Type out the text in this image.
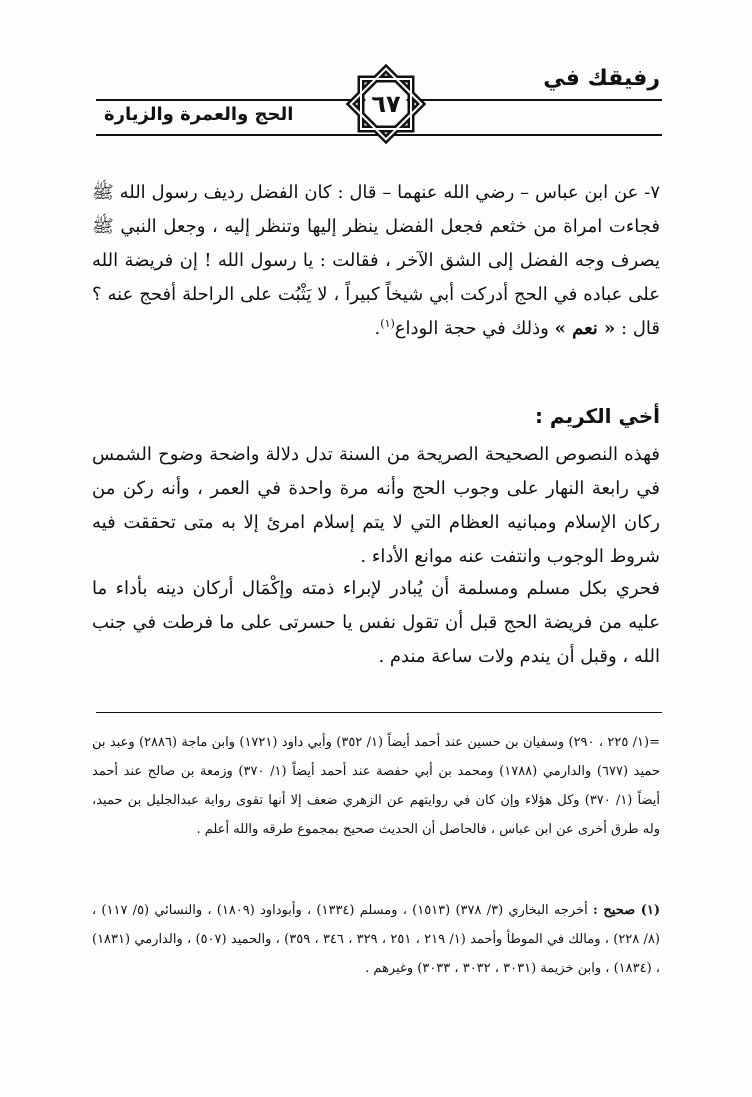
رفيقك في
الحج والعمرة والزيارة	٦٧
٧- عن ابن عباس – رضي الله عنهما – قال : كان الفضل رديف رسول الله ﷺ فجاءت امراة من خثعم فجعل الفضل ينظر إليها وتنظر إليه ، وجعل النبي ﷺ يصرف وجه الفضل إلى الشق الآخر ، فقالت : يا رسول الله ! إن فريضة الله على عباده في الحج أدركت أبي شيخاً كبيراً ، لا يَثْبُت على الراحلة أفحج عنه ؟ قال : « نعم » وذلك في حجة الوداع$^{(١)}$.
أخي الكريم :
فهذه النصوص الصحيحة الصريحة من السنة تدل دلالة واضحة وضوح الشمس في رابعة النهار على وجوب الحج وأنه مرة واحدة في العمر ، وأنه ركن من ركان الإسلام ومبانيه العظام التي لا يتم إسلام امرئ إلا به متى تحققت فيه شروط الوجوب وانتفت عنه موانع الأداء .
فحري بكل مسلم ومسلمة أن يُبادر لإبراء ذمته وإكْمَال أركان دينه بأداء ما عليه من فريضة الحج قبل أن تقول نفس يا حسرتى على ما فرطت في جنب الله ، وقبل أن يندم ولات ساعة مندم .
=(١/ ٢٢٥ ، ٢٩٠) وسفيان بن حسين عند أحمد أيضاً (١/ ٣٥٢) وأبي داود (١٧٢١) وابن ماجة (٢٨٨٦) وعبد بن حميد (٦٧٧) والدارمي (١٧٨٨) ومحمد بن أبي حفصة عند أحمد أيضاً (١/ ٣٧٠) وزمعة بن صالح عند أحمد أيضاً (١/ ٣٧٠) وكل هؤلاء وإن كان في روايتهم عن الزهري ضعف إلا أنها تقوى رواية عبدالجليل بن حميد، وله طرق أخرى عن ابن عباس ، فالحاصل أن الحديث صحيح بمجموع طرقه والله أعلم .
(١) صحيح : أخرجه البخاري (٣/ ٣٧٨) (١٥١٣) ، ومسلم (١٣٣٤) ، وأبوداود (١٨٠٩) ، والنسائي (٥/ ١١٧) ، (٨/ ٢٢٨) ، ومالك في الموطأ وأحمد (١/ ٢١٩ ، ٢٥١ ، ٣٢٩ ، ٣٤٦ ، ٣٥٩) ، والحميد (٥٠٧) ، والدارمي (١٨٣١) ، (١٨٣٤) ، وابن خزيمة (٣٠٣١ ، ٣٠٣٢ ، ٣٠٣٣) وغيرهم .
